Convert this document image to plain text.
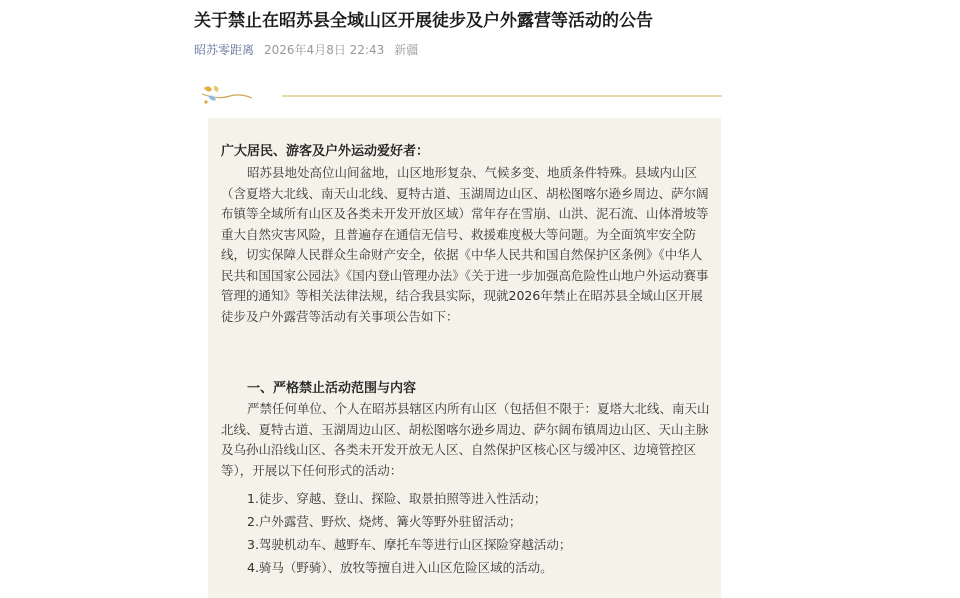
关于禁止在昭苏县全域山区开展徒步及户外露营等活动的公告
昭苏零距离 2026年4月8日 22:43 新疆
广大居民、游客及户外运动爱好者：
昭苏县地处高位山间盆地，山区地形复杂、气候多变、地质条件特殊。县域内山区（含夏塔大北线、南天山北线、夏特古道、玉湖周边山区、胡松图喀尔逊乡周边、萨尔阔布镇等全域所有山区及各类未开发开放区域）常年存在雪崩、山洪、泥石流、山体滑坡等重大自然灾害风险，且普遍存在通信无信号、救援难度极大等问题。为全面筑牢安全防线，切实保障人民群众生命财产安全，依据《中华人民共和国自然保护区条例》《中华人民共和国国家公园法》《国内登山管理办法》《关于进一步加强高危险性山地户外运动赛事管理的通知》等相关法律法规，结合我县实际，现就2026年禁止在昭苏县全域山区开展徒步及户外露营等活动有关事项公告如下：
一、严格禁止活动范围与内容
严禁任何单位、个人在昭苏县辖区内所有山区（包括但不限于：夏塔大北线、南天山北线、夏特古道、玉湖周边山区、胡松图喀尔逊乡周边、萨尔阔布镇周边山区、天山主脉及乌孙山沿线山区、各类未开发开放无人区、自然保护区核心区与缓冲区、边境管控区等），开展以下任何形式的活动：
1.徒步、穿越、登山、探险、取景拍照等进入性活动；
2.户外露营、野炊、烧烤、篝火等野外驻留活动；
3.驾驶机动车、越野车、摩托车等进行山区探险穿越活动；
4.骑马（野骑）、放牧等擅自进入山区危险区域的活动。
